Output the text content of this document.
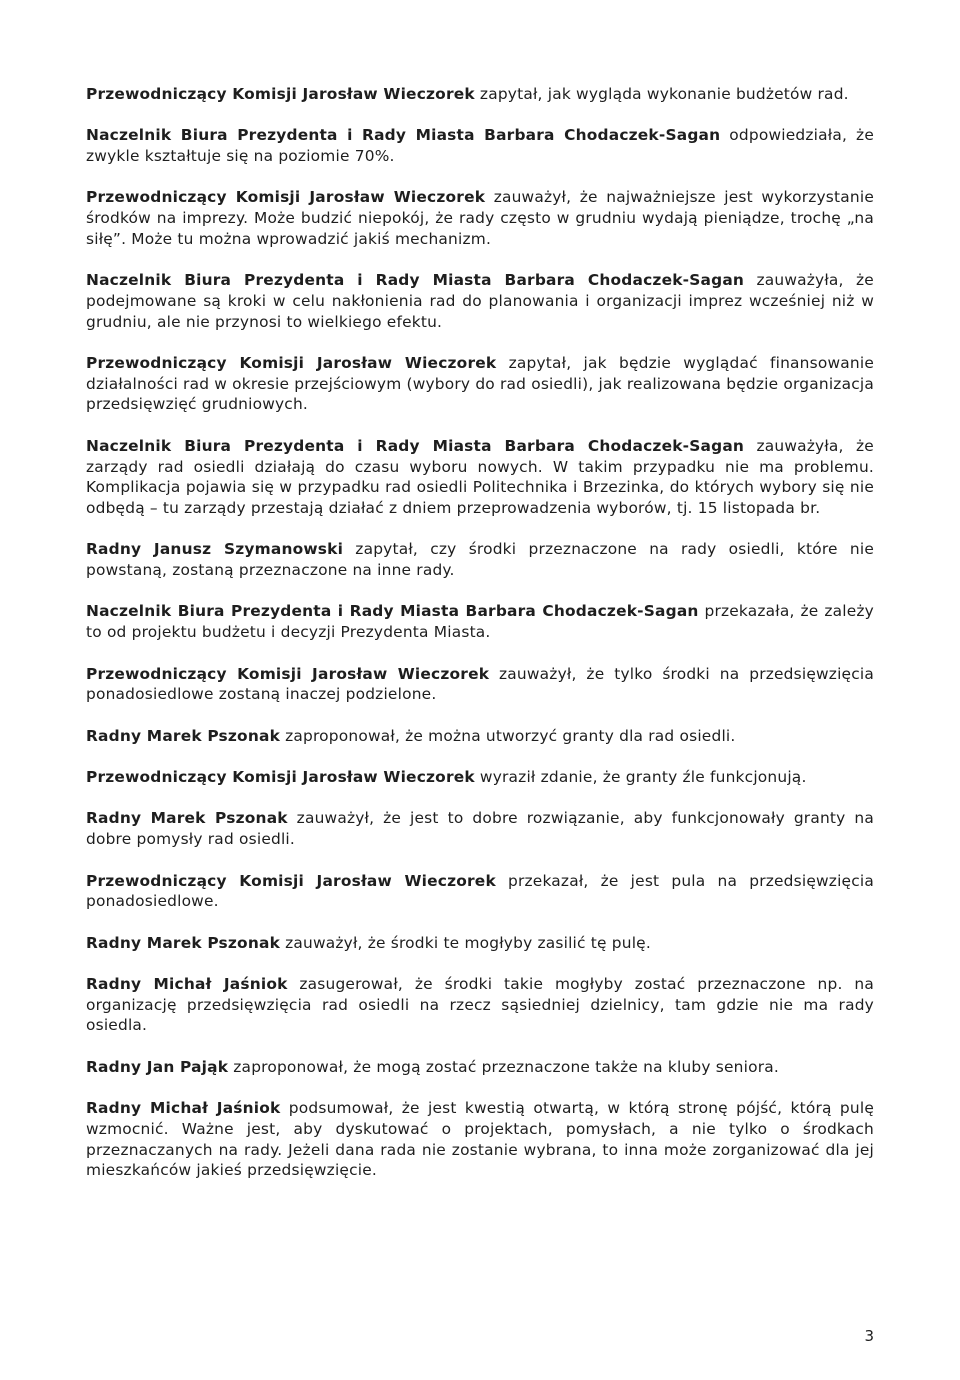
Przewodniczący Komisji Jarosław Wieczorek zapytał, jak wygląda wykonanie budżetów rad.

Naczelnik Biura Prezydenta i Rady Miasta Barbara Chodaczek-Sagan odpowiedziała, że zwykle kształtuje się na poziomie 70%.

Przewodniczący Komisji Jarosław Wieczorek zauważył, że najważniejsze jest wykorzystanie środków na imprezy. Może budzić niepokój, że rady często w grudniu wydają pieniądze, trochę „na siłę”. Może tu można wprowadzić jakiś mechanizm.

Naczelnik Biura Prezydenta i Rady Miasta Barbara Chodaczek-Sagan zauważyła, że podejmowane są kroki w celu nakłonienia rad do planowania i organizacji imprez wcześniej niż w grudniu, ale nie przynosi to wielkiego efektu.

Przewodniczący Komisji Jarosław Wieczorek zapytał, jak będzie wyglądać finansowanie działalności rad w okresie przejściowym (wybory do rad osiedli), jak realizowana będzie organizacja przedsięwzięć grudniowych.

Naczelnik Biura Prezydenta i Rady Miasta Barbara Chodaczek-Sagan zauważyła, że zarządy rad osiedli działają do czasu wyboru nowych. W takim przypadku nie ma problemu. Komplikacja pojawia się w przypadku rad osiedli Politechnika i Brzezinka, do których wybory się nie odbędą – tu zarządy przestają działać z dniem przeprowadzenia wyborów, tj. 15 listopada br.

Radny Janusz Szymanowski zapytał, czy środki przeznaczone na rady osiedli, które nie powstaną, zostaną przeznaczone na inne rady.

Naczelnik Biura Prezydenta i Rady Miasta Barbara Chodaczek-Sagan przekazała, że zależy to od projektu budżetu i decyzji Prezydenta Miasta.

Przewodniczący Komisji Jarosław Wieczorek zauważył, że tylko środki na przedsięwzięcia ponadosiedlowe zostaną inaczej podzielone.

Radny Marek Pszonak zaproponował, że można utworzyć granty dla rad osiedli.

Przewodniczący Komisji Jarosław Wieczorek wyraził zdanie, że granty źle funkcjonują.

Radny Marek Pszonak zauważył, że jest to dobre rozwiązanie, aby funkcjonowały granty na dobre pomysły rad osiedli.

Przewodniczący Komisji Jarosław Wieczorek przekazał, że jest pula na przedsięwzięcia ponadosiedlowe.

Radny Marek Pszonak zauważył, że środki te mogłyby zasilić tę pulę.

Radny Michał Jaśniok zasugerował, że środki takie mogłyby zostać przeznaczone np. na organizację przedsięwzięcia rad osiedli na rzecz sąsiedniej dzielnicy, tam gdzie nie ma rady osiedla.

Radny Jan Pająk zaproponował, że mogą zostać przeznaczone także na kluby seniora.

Radny Michał Jaśniok podsumował, że jest kwestią otwartą, w którą stronę pójść, którą pulę wzmocnić. Ważne jest, aby dyskutować o projektach, pomysłach, a nie tylko o środkach przeznaczanych na rady. Jeżeli dana rada nie zostanie wybrana, to inna może zorganizować dla jej mieszkańców jakieś przedsięwzięcie.

3
